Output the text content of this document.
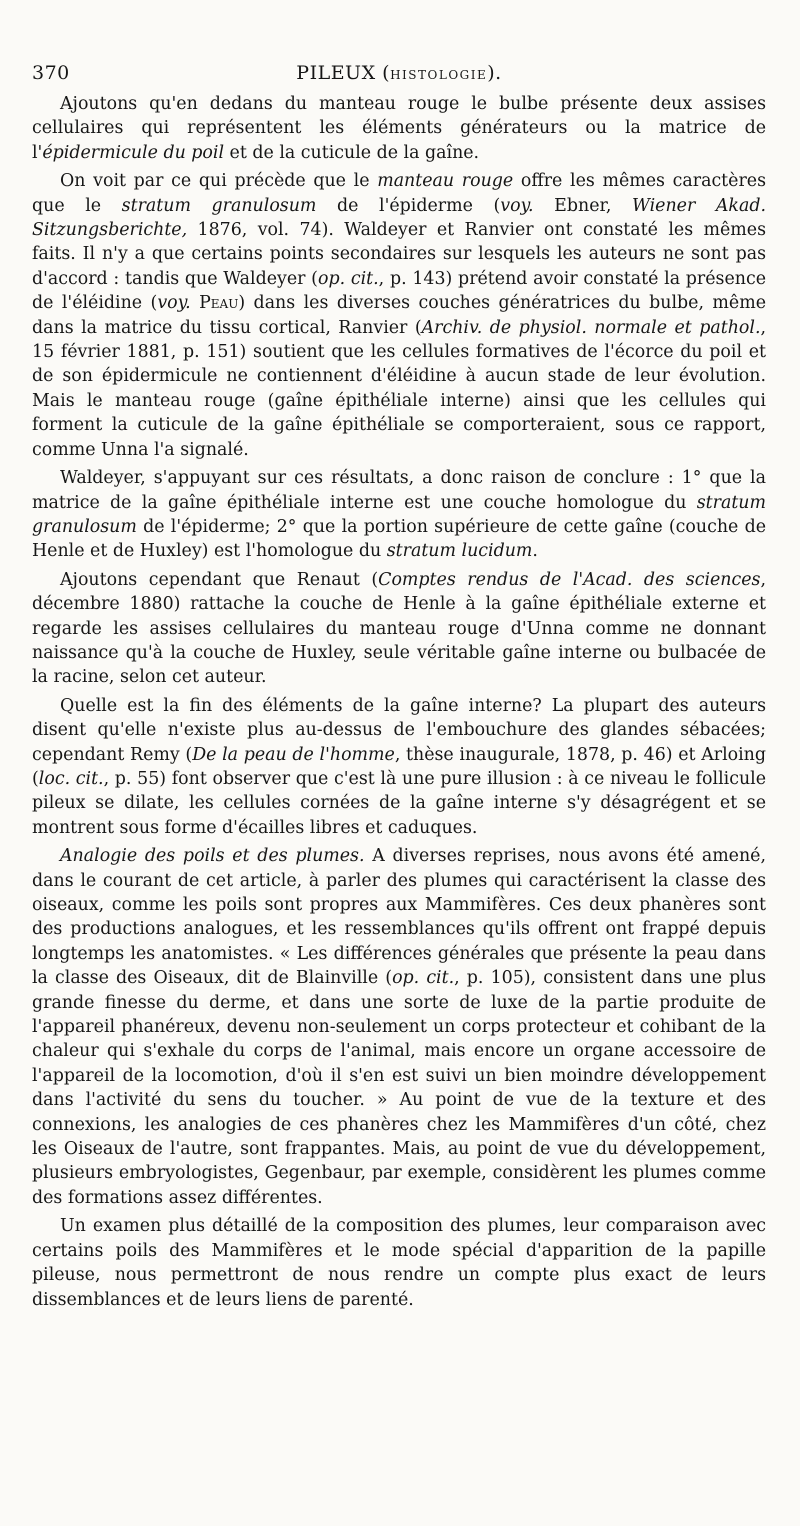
370	PILEUX (HISTOLOGIE).

Ajoutons qu'en dedans du manteau rouge le bulbe présente deux assises cellulaires qui représentent les éléments générateurs ou la matrice de l'épidermicule du poil et de la cuticule de la gaîne.

On voit par ce qui précède que le manteau rouge offre les mêmes caractères que le stratum granulosum de l'épiderme (voy. Ebner, Wiener Akad. Sitzungsberichte, 1876, vol. 74). Waldeyer et Ranvier ont constaté les mêmes faits. Il n'y a que certains points secondaires sur lesquels les auteurs ne sont pas d'accord : tandis que Waldeyer (op. cit., p. 143) prétend avoir constaté la présence de l'éléidine (voy. Peau) dans les diverses couches génératrices du bulbe, même dans la matrice du tissu cortical, Ranvier (Archiv. de physiol. normale et pathol., 15 février 1881, p. 151) soutient que les cellules formatives de l'écorce du poil et de son épidermicule ne contiennent d'éléidine à aucun stade de leur évolution. Mais le manteau rouge (gaîne épithéliale interne) ainsi que les cellules qui forment la cuticule de la gaîne épithéliale se comporteraient, sous ce rapport, comme Unna l'a signalé.

Waldeyer, s'appuyant sur ces résultats, a donc raison de conclure : 1° que la matrice de la gaîne épithéliale interne est une couche homologue du stratum granulosum de l'épiderme; 2° que la portion supérieure de cette gaîne (couche de Henle et de Huxley) est l'homologue du stratum lucidum.

Ajoutons cependant que Renaut (Comptes rendus de l'Acad. des sciences, décembre 1880) rattache la couche de Henle à la gaîne épithéliale externe et regarde les assises cellulaires du manteau rouge d'Unna comme ne donnant naissance qu'à la couche de Huxley, seule véritable gaîne interne ou bulbacée de la racine, selon cet auteur.

Quelle est la fin des éléments de la gaîne interne? La plupart des auteurs disent qu'elle n'existe plus au-dessus de l'embouchure des glandes sébacées; cependant Remy (De la peau de l'homme, thèse inaugurale, 1878, p. 46) et Arloing (loc. cit., p. 55) font observer que c'est là une pure illusion : à ce niveau le follicule pileux se dilate, les cellules cornées de la gaîne interne s'y désagrégent et se montrent sous forme d'écailles libres et caduques.

Analogie des poils et des plumes. A diverses reprises, nous avons été amené, dans le courant de cet article, à parler des plumes qui caractérisent la classe des oiseaux, comme les poils sont propres aux Mammifères. Ces deux phanères sont des productions analogues, et les ressemblances qu'ils offrent ont frappé depuis longtemps les anatomistes. « Les différences générales que présente la peau dans la classe des Oiseaux, dit de Blainville (op. cit., p. 105), consistent dans une plus grande finesse du derme, et dans une sorte de luxe de la partie produite de l'appareil phanéreux, devenu non-seulement un corps protecteur et cohibant de la chaleur qui s'exhale du corps de l'animal, mais encore un organe accessoire de l'appareil de la locomotion, d'où il s'en est suivi un bien moindre développement dans l'activité du sens du toucher. » Au point de vue de la texture et des connexions, les analogies de ces phanères chez les Mammifères d'un côté, chez les Oiseaux de l'autre, sont frappantes. Mais, au point de vue du développement, plusieurs embryologistes, Gegenbaur, par exemple, considèrent les plumes comme des formations assez différentes.

Un examen plus détaillé de la composition des plumes, leur comparaison avec certains poils des Mammifères et le mode spécial d'apparition de la papille pileuse, nous permettront de nous rendre un compte plus exact de leurs dissemblances et de leurs liens de parenté.
